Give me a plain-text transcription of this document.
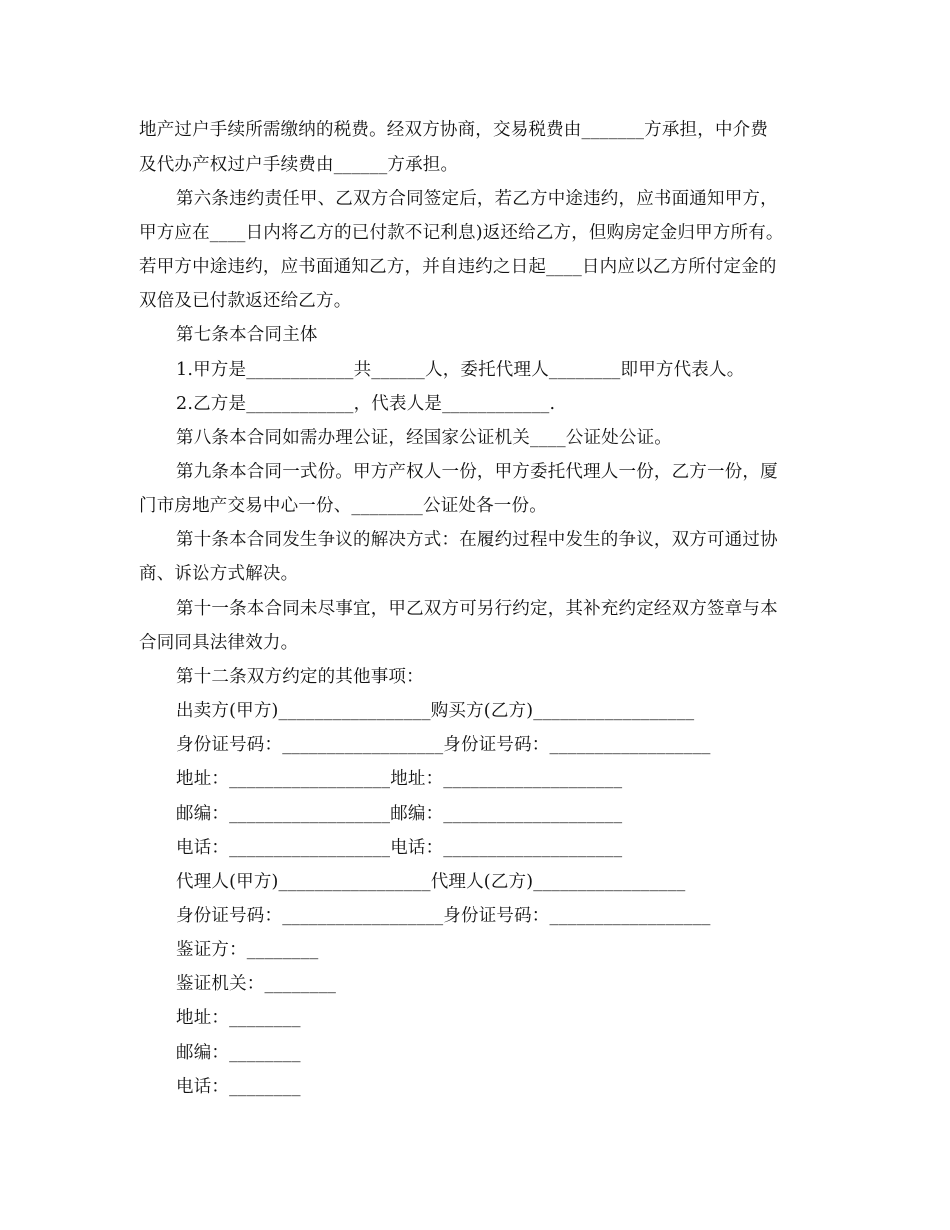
地产过户手续所需缴纳的税费。经双方协商，交易税费由_______方承担，中介费
及代办产权过户手续费由______方承担。
第六条违约责任甲、乙双方合同签定后，若乙方中途违约，应书面通知甲方，
甲方应在____日内将乙方的已付款不记利息)返还给乙方，但购房定金归甲方所有。
若甲方中途违约，应书面通知乙方，并自违约之日起____日内应以乙方所付定金的
双倍及已付款返还给乙方。
第七条本合同主体
1.甲方是____________共______人，委托代理人________即甲方代表人。
2.乙方是____________，代表人是____________.
第八条本合同如需办理公证，经国家公证机关____公证处公证。
第九条本合同一式份。甲方产权人一份，甲方委托代理人一份，乙方一份，厦
门市房地产交易中心一份、________公证处各一份。
第十条本合同发生争议的解决方式：在履约过程中发生的争议，双方可通过协
商、诉讼方式解决。
第十一条本合同未尽事宜，甲乙双方可另行约定，其补充约定经双方签章与本
合同同具法律效力。
第十二条双方约定的其他事项：
出卖方(甲方)_________________购买方(乙方)__________________
身份证号码：__________________身份证号码：__________________
地址：__________________地址：____________________
邮编：__________________邮编：____________________
电话：__________________电话：____________________
代理人(甲方)_________________代理人(乙方)_________________
身份证号码：__________________身份证号码：__________________
鉴证方：________
鉴证机关：________
地址：________
邮编：________
电话：________
